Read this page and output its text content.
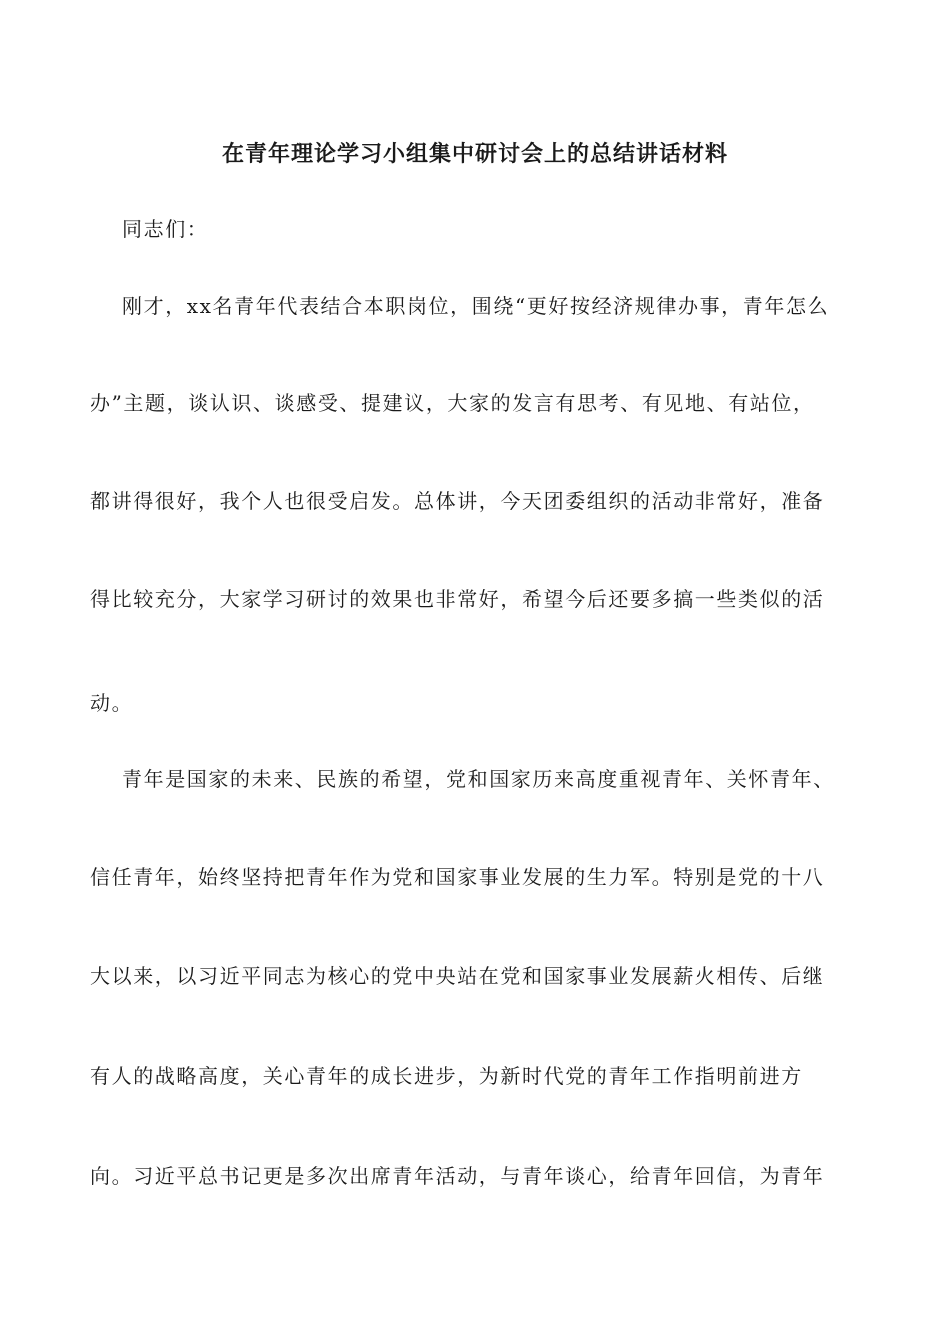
在青年理论学习小组集中研讨会上的总结讲话材料

同志们：

刚才，xx名青年代表结合本职岗位，围绕“更好按经济规律办事，青年怎么

办”主题，谈认识、谈感受、提建议，大家的发言有思考、有见地、有站位，

都讲得很好，我个人也很受启发。总体讲，今天团委组织的活动非常好，准备

得比较充分，大家学习研讨的效果也非常好，希望今后还要多搞一些类似的活

动。

青年是国家的未来、民族的希望，党和国家历来高度重视青年、关怀青年、

信任青年，始终坚持把青年作为党和国家事业发展的生力军。特别是党的十八

大以来，以习近平同志为核心的党中央站在党和国家事业发展薪火相传、后继

有人的战略高度，关心青年的成长进步，为新时代党的青年工作指明前进方

向。习近平总书记更是多次出席青年活动，与青年谈心，给青年回信，为青年
